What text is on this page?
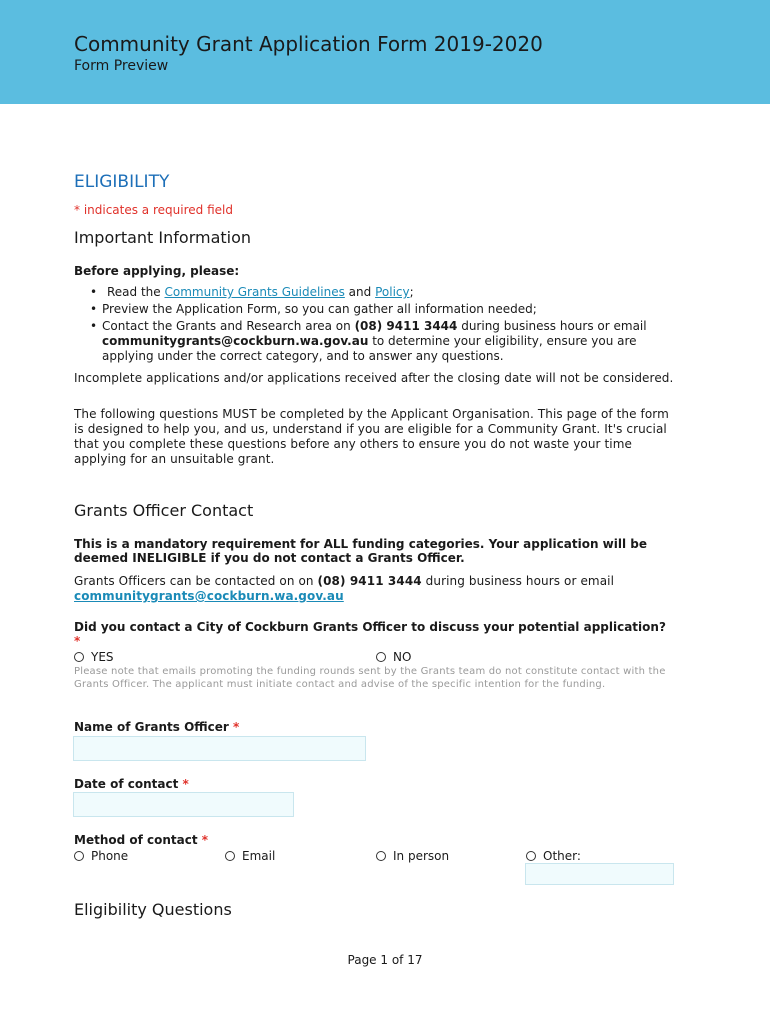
Community Grant Application Form 2019-2020
Form Preview
ELIGIBILITY
* indicates a required field
Important Information
Before applying, please:
• Read the Community Grants Guidelines and Policy;
• Preview the Application Form, so you can gather all information needed;
• Contact the Grants and Research area on (08) 9411 3444 during business hours or email communitygrants@cockburn.wa.gov.au to determine your eligibility, ensure you are applying under the correct category, and to answer any questions.
Incomplete applications and/or applications received after the closing date will not be considered.
The following questions MUST be completed by the Applicant Organisation. This page of the form is designed to help you, and us, understand if you are eligible for a Community Grant. It's crucial that you complete these questions before any others to ensure you do not waste your time applying for an unsuitable grant.
Grants Officer Contact
This is a mandatory requirement for ALL funding categories. Your application will be deemed INELIGIBLE if you do not contact a Grants Officer.
Grants Officers can be contacted on on (08) 9411 3444 during business hours or email
communitygrants@cockburn.wa.gov.au
Did you contact a City of Cockburn Grants Officer to discuss your potential application? *
YES	NO
Please note that emails promoting the funding rounds sent by the Grants team do not constitute contact with the Grants Officer. The applicant must initiate contact and advise of the specific intention for the funding.
Name of Grants Officer *
Date of contact *
Method of contact *
Phone	Email	In person	Other:
Eligibility Questions
Page 1 of 17
